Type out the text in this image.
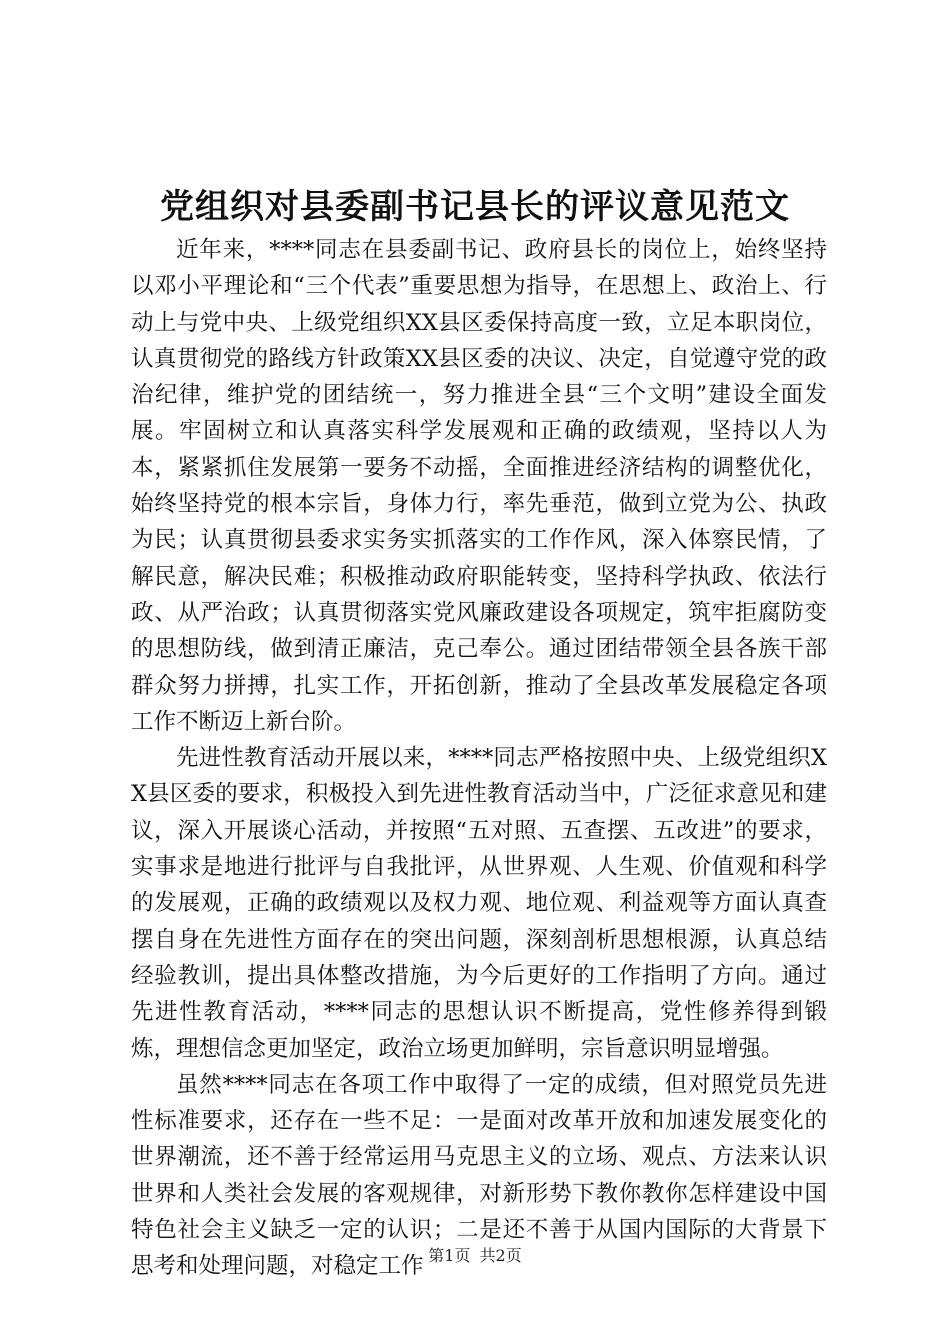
党组织对县委副书记县长的评议意见范文

近年来，****同志在县委副书记、政府县长的岗位上，始终坚持以邓小平理论和“三个代表”重要思想为指导，在思想上、政治上、行动上与党中央、上级党组织XX县区委保持高度一致，立足本职岗位，认真贯彻党的路线方针政策XX县区委的决议、决定，自觉遵守党的政治纪律，维护党的团结统一，努力推进全县“三个文明”建设全面发展。牢固树立和认真落实科学发展观和正确的政绩观，坚持以人为本，紧紧抓住发展第一要务不动摇，全面推进经济结构的调整优化，始终坚持党的根本宗旨，身体力行，率先垂范，做到立党为公、执政为民；认真贯彻县委求实务实抓落实的工作作风，深入体察民情，了解民意，解决民难；积极推动政府职能转变，坚持科学执政、依法行政、从严治政；认真贯彻落实党风廉政建设各项规定，筑牢拒腐防变的思想防线，做到清正廉洁，克己奉公。通过团结带领全县各族干部群众努力拼搏，扎实工作，开拓创新，推动了全县改革发展稳定各项工作不断迈上新台阶。

先进性教育活动开展以来，****同志严格按照中央、上级党组织XX县区委的要求，积极投入到先进性教育活动当中，广泛征求意见和建议，深入开展谈心活动，并按照“五对照、五查摆、五改进”的要求，实事求是地进行批评与自我批评，从世界观、人生观、价值观和科学的发展观，正确的政绩观以及权力观、地位观、利益观等方面认真查摆自身在先进性方面存在的突出问题，深刻剖析思想根源，认真总结经验教训，提出具体整改措施，为今后更好的工作指明了方向。通过先进性教育活动，****同志的思想认识不断提高，党性修养得到锻炼，理想信念更加坚定，政治立场更加鲜明，宗旨意识明显增强。

虽然****同志在各项工作中取得了一定的成绩，但对照党员先进性标准要求，还存在一些不足：一是面对改革开放和加速发展变化的世界潮流，还不善于经常运用马克思主义的立场、观点、方法来认识世界和人类社会发展的客观规律，对新形势下教你教你怎样建设中国特色社会主义缺乏一定的认识；二是还不善于从国内国际的大背景下思考和处理问题，对稳定工作 第1页 共2页
